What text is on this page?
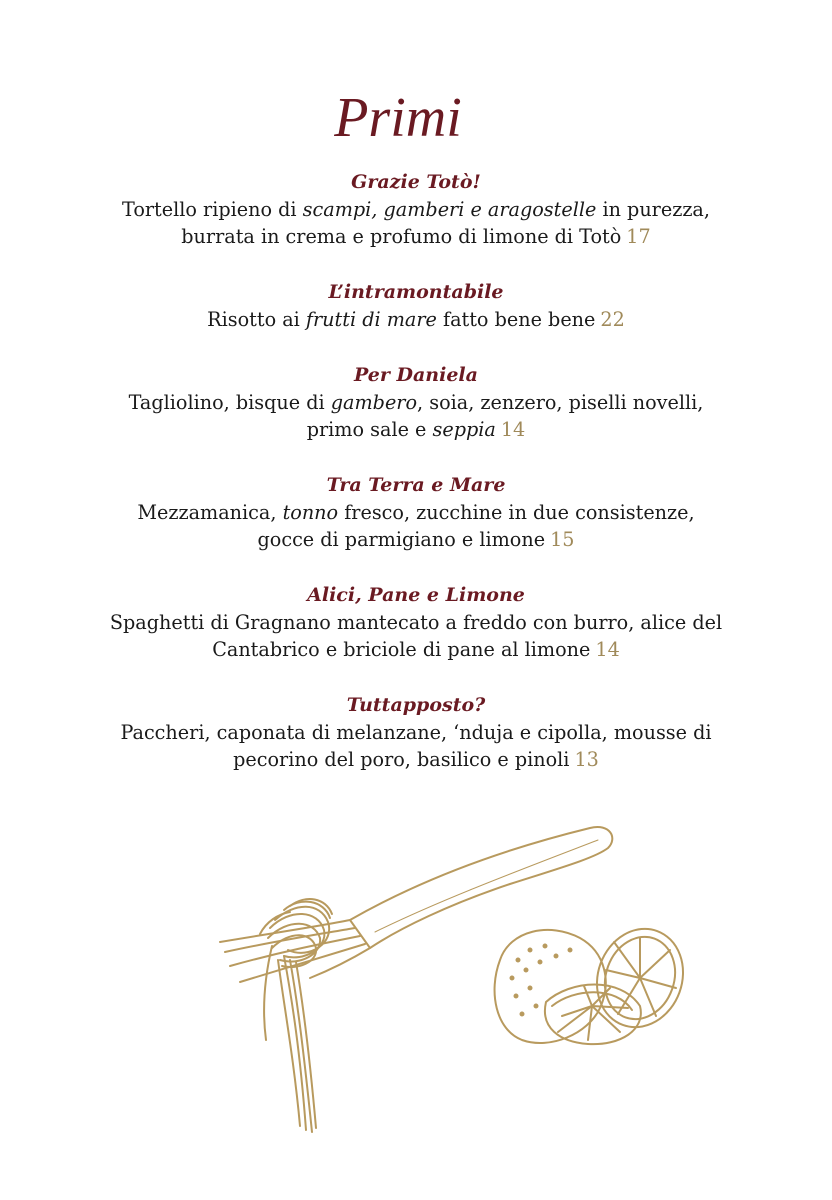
Primi

Grazie Totò!

Tortello ripieno di scampi, gamberi e aragostelle in purezza,

burrata in crema e profumo di limone di Totò 17

L’intramontabile

Risotto ai frutti di mare fatto bene bene 22

Per Daniela

Tagliolino, bisque di gambero, soia, zenzero, piselli novelli,

primo sale e seppia 14

Tra Terra e Mare

Mezzamanica, tonno fresco, zucchine in due consistenze,

gocce di parmigiano e limone 15

Alici, Pane e Limone

Spaghetti di Gragnano mantecato a freddo con burro, alice del

Cantabrico e briciole di pane al limone 14

Tuttapposto?

Paccheri, caponata di melanzane, ‘nduja e cipolla, mousse di

pecorino del poro, basilico e pinoli 13
